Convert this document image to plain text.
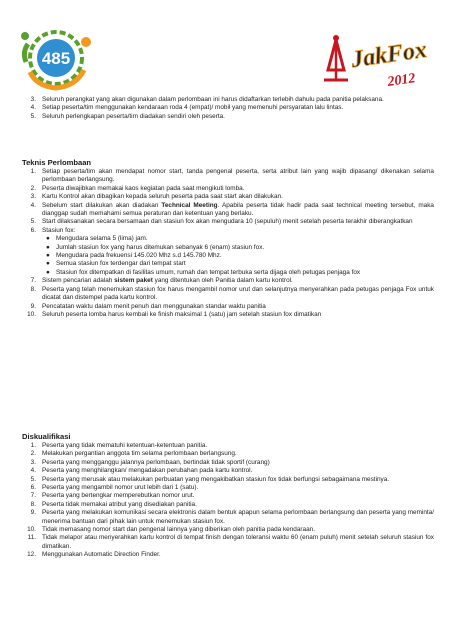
485	JakFox
2012
3. Seluruh perangkat yang akan digunakan dalam perlombaan ini harus didaftarkan terlebih dahulu pada panitia pelaksana.
4. Setiap peserta/tim menggunakan kendaraan roda 4 (empat)/ mobil yang memenuhi persyaratan lalu lintas.
5. Seluruh perlengkapan peserta/tim diadakan sendiri oleh peserta.
Teknis Perlombaan
1. Setiap peserta/tim akan mendapat nomor start, tanda pengenal peserta, serta atribut lain yang wajib dipasang/ dikenakan selama perlombaan berlangsung.
2. Peserta diwajibkan memakai kaos kegiatan pada saat mengikuti lomba.
3. Kartu Kontrol akan dibagikan kepada seluruh peserta pada saat start akan dilakukan.
4. Sebelum start dilakukan akan diadakan Technical Meeting. Apabila peserta tidak hadir pada saat technical meeting tersebut, maka dianggap sudah memahami semua peraturan dan ketentuan yang berlaku.
5. Start dilaksanakan secara bersamaan dan stasiun fox akan mengudara 10 (sepuluh) menit setelah peserta terakhir diberangkatkan
6. Stasiun fox:
● Mengudara selama 5 (lima) jam.
● Jumlah stasiun fox yang harus ditemukan sebanyak 6 (enam) stasiun fox.
● Mengudara pada frekuensi 145.020 Mhz s.d 145.780 Mhz.
● Semua stasiun fox terdengar dari tempat start
● Stasiun fox ditempatkan di fasilitas umum, rumah dan tempat terbuka serta dijaga oleh petugas penjaga fox
7. Sistem pencarian adalah sistem paket yang ditentukan oleh Panitia dalam kartu kontrol.
8. Peserta yang telah menemukan stasiun fox harus mengambil nomor urut dan selanjutnya menyerahkan pada petugas penjaga Fox untuk dicatat dan distempel pada kartu kontrol.
9. Pencatatan waktu dalam menit penuh dan menggunakan standar waktu panitia
10. Seluruh peserta lomba harus kembali ke finish maksimal 1 (satu) jam setelah stasiun fox dimatikan
Diskualifikasi
1. Peserta yang tidak mematuhi ketentuan-ketentuan panitia.
2. Melakukan pergantian anggota tim selama perlombaan berlangsung.
3. Peserta yang mengganggu jalannya perlombaan, bertindak tidak sportif (curang)
4. Peserta yang menghilangkan/ mengadakan perubahan pada kartu kontrol.
5. Peserta yang merusak atau melakukan perbuatan yang mengakibatkan stasiun fox tidak berfungsi sebagaimana mestinya.
6. Peserta yang mengambil nomor urut lebih dari 1 (satu).
7. Peserta yang bertengkar memperebutkan nomor urut.
8. Peserta tidak memakai atribut yang disediakan panitia.
9. Peserta yang melakukan komunikasi secara elektronis dalam bentuk apapun selama perlombaan berlangsung dan peserta yang meminta/ menerima bantuan dari pihak lain untuk menemukan stasiun fox.
10. Tidak memasang nomor start dan pengenal lainnya yang diberikan oleh panitia pada kendaraan.
11. Tidak melapor atau menyerahkan kartu kontrol di tempat finish dengan toleransi waktu 60 (enam puluh) menit setelah seluruh stasiun fox dimatikan.
12. Menggunakan Automatic Direction Finder.
